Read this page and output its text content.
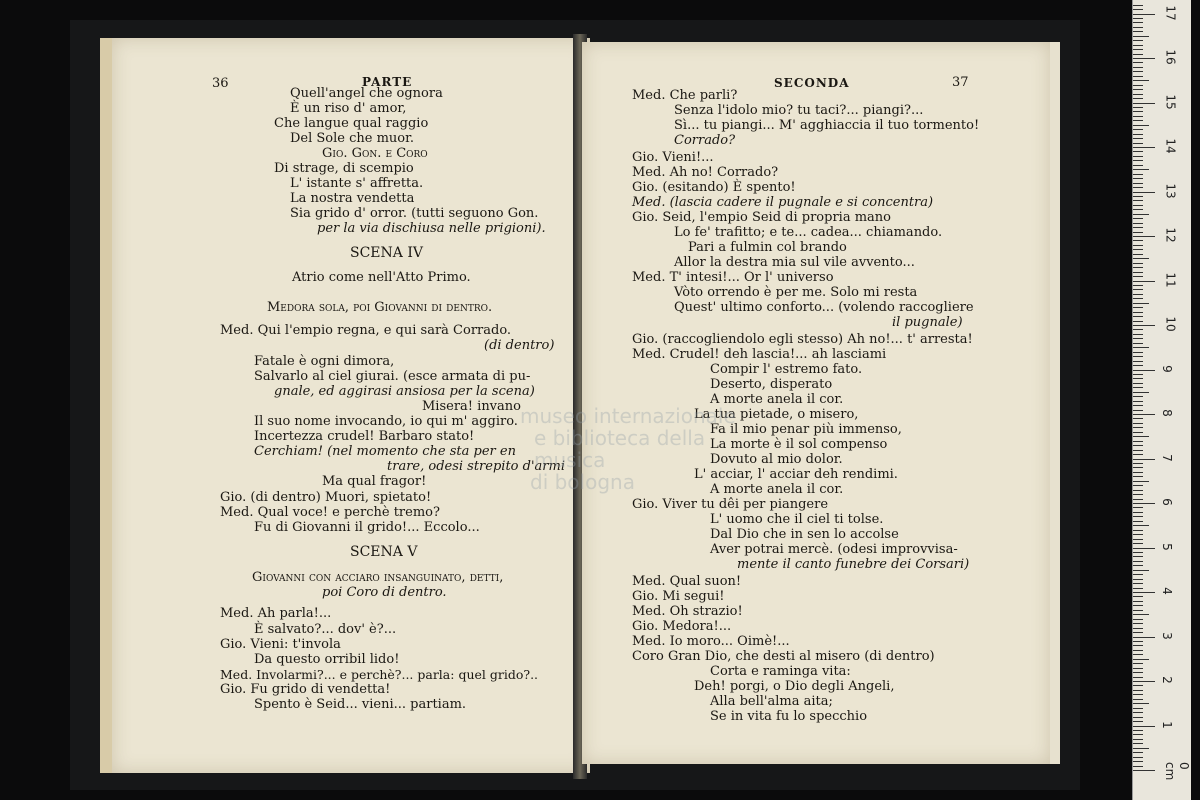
36	PARTE
Quell'angel che ognora
È un riso d' amor,
Che langue qual raggio
Del Sole che muor.
Gio. Gon. e Coro
Di strage, di scempio
L' istante s' affretta.
La nostra vendetta
Sia grido d' orror. (tutti seguono Gon.
per la via dischiusa nelle prigioni).
SCENA IV
Atrio come nell'Atto Primo.
Medora sola, poi Giovanni di dentro.
Med. Qui l'empio regna, e qui sarà Corrado.
(di dentro)
Fatale è ogni dimora,
Salvarlo al ciel giurai. (esce armata di pu-
gnale, ed aggirasi ansiosa per la scena)
Misera! invano
Il suo nome invocando, io qui m' aggiro.
Incertezza crudel! Barbaro stato!
Cerchiam! (nel momento che sta per en
trare, odesi strepito d'armi
Ma qual fragor!
Gio. (di dentro) Muori, spietato!
Med. Qual voce! e perchè tremo?
Fu di Giovanni il grido!... Eccolo...
SCENA V
Giovanni con acciaro insanguinato, detti,
poi Coro di dentro.
Med. Ah parla!...
È salvato?... dov' è?...
Gio. Vieni: t'invola
Da questo orribil lido!
Med. Involarmi?... e perchè?... parla: quel grido?..
Gio. Fu grido di vendetta!
Spento è Seid... vieni... partiam.
SECONDA	37
Med. Che parli?
Senza l'idolo mio? tu taci?... piangi?...
Sì... tu piangi... M' agghiaccia il tuo tormento!
Corrado?
Gio. Vieni!...
Med. Ah no! Corrado?
Gio. (esitando) È spento!
Med. (lascia cadere il pugnale e si concentra)
Gio. Seid, l'empio Seid di propria mano
Lo fe' trafitto; e te... cadea... chiamando.
Pari a fulmin col brando
Allor la destra mia sul vile avvento...
Med. T' intesi!... Or l' universo
Vòto orrendo è per me. Solo mi resta
Quest' ultimo conforto... (volendo raccogliere
il pugnale)
Gio. (raccogliendolo egli stesso) Ah no!... t' arresta!
Med. Crudel! deh lascia!... ah lasciami
Compir l' estremo fato.
Deserto, disperato
A morte anela il cor.
La tua pietade, o misero,
Fa il mio penar più immenso,
La morte è il sol compenso
Dovuto al mio dolor.
L' acciar, l' acciar deh rendimi.
A morte anela il cor.
Gio. Viver tu dêi per piangere
L' uomo che il ciel ti tolse.
Dal Dio che in sen lo accolse
Aver potrai mercè. (odesi improvvisa-
mente il canto funebre dei Corsari)
Med. Qual suon!
Gio. Mi segui!
Med. Oh strazio!
Gio. Medora!...
Med. Io moro... Oimè!...
Coro Gran Dio, che desti al misero (di dentro)
Corta e raminga vita:
Deh! porgi, o Dio degli Angeli,
Alla bell'alma aita;
Se in vita fu lo specchio
museo internazionale
e biblioteca della musica
di bologna
0 cm
1
2
3
4
5
6
7
8
9
10
11
12
13
14
15
16
17
